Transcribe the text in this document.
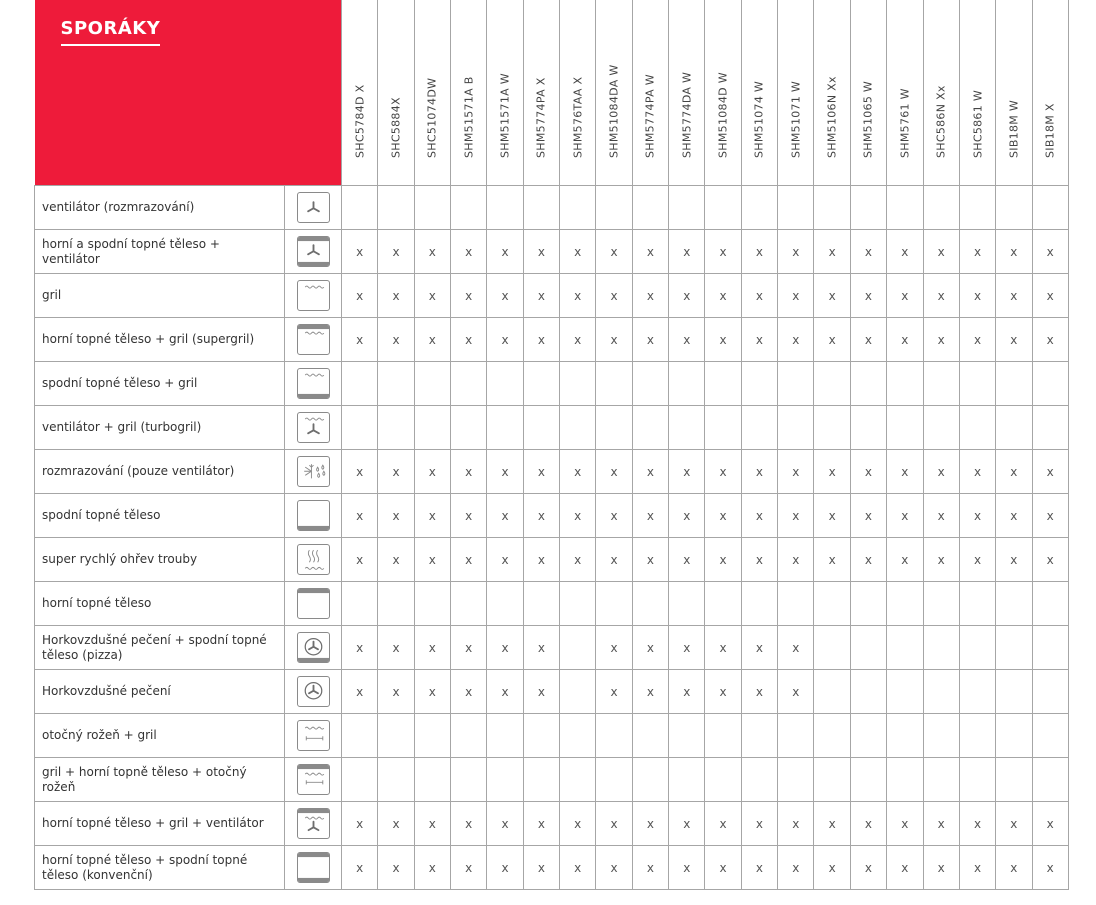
SPORÁKY		SHC5784D X	SHC5884X	SHC51074DW	SHM51571A B	SHM51571A W	SHM5774PA X	SHM576TAA X	SHM51084DA W	SHM5774PA W	SHM5774DA W	SHM51084D W	SHM51074 W	SHM51071 W	SHM5106N Xx	SHM51065 W	SHM5761 W	SHC586N Xx	SHC5861 W	SIB18M W	SIB18M X

ventilátor (rozmrazování)	

horní a spodní topné těleso + ventilátor		x	x	x	x	x	x	x	x	x	x	x	x	x	x	x	x	x	x	x	x
gril		x	x	x	x	x	x	x	x	x	x	x	x	x	x	x	x	x	x	x	x
horní topné těleso + gril (supergril)		x	x	x	x	x	x	x	x	x	x	x	x	x	x	x	x	x	x	x	x
spodní topné těleso + gril	

ventilátor + gril (turbogril)	

rozmrazování (pouze ventilátor)		x	x	x	x	x	x	x	x	x	x	x	x	x	x	x	x	x	x	x	x
spodní topné těleso		x	x	x	x	x	x	x	x	x	x	x	x	x	x	x	x	x	x	x	x
super rychlý ohřev trouby		x	x	x	x	x	x	x	x	x	x	x	x	x	x	x	x	x	x	x	x
horní topné těleso	

Horkovzdušné pečení + spodní topné těleso (pizza)		x	x	x	x	x	x		x	x	x	x	x	x							
Horkovzdušné pečení		x	x	x	x	x	x		x	x	x	x	x	x							
otočný rožeň + gril	

gril + horní topně těleso + otočný rožeň	

horní topné těleso + gril + ventilátor		x	x	x	x	x	x	x	x	x	x	x	x	x	x	x	x	x	x	x	x
horní topné těleso + spodní topné těleso (konvenční)		x	x	x	x	x	x	x	x	x	x	x	x	x	x	x	x	x	x	x	x
